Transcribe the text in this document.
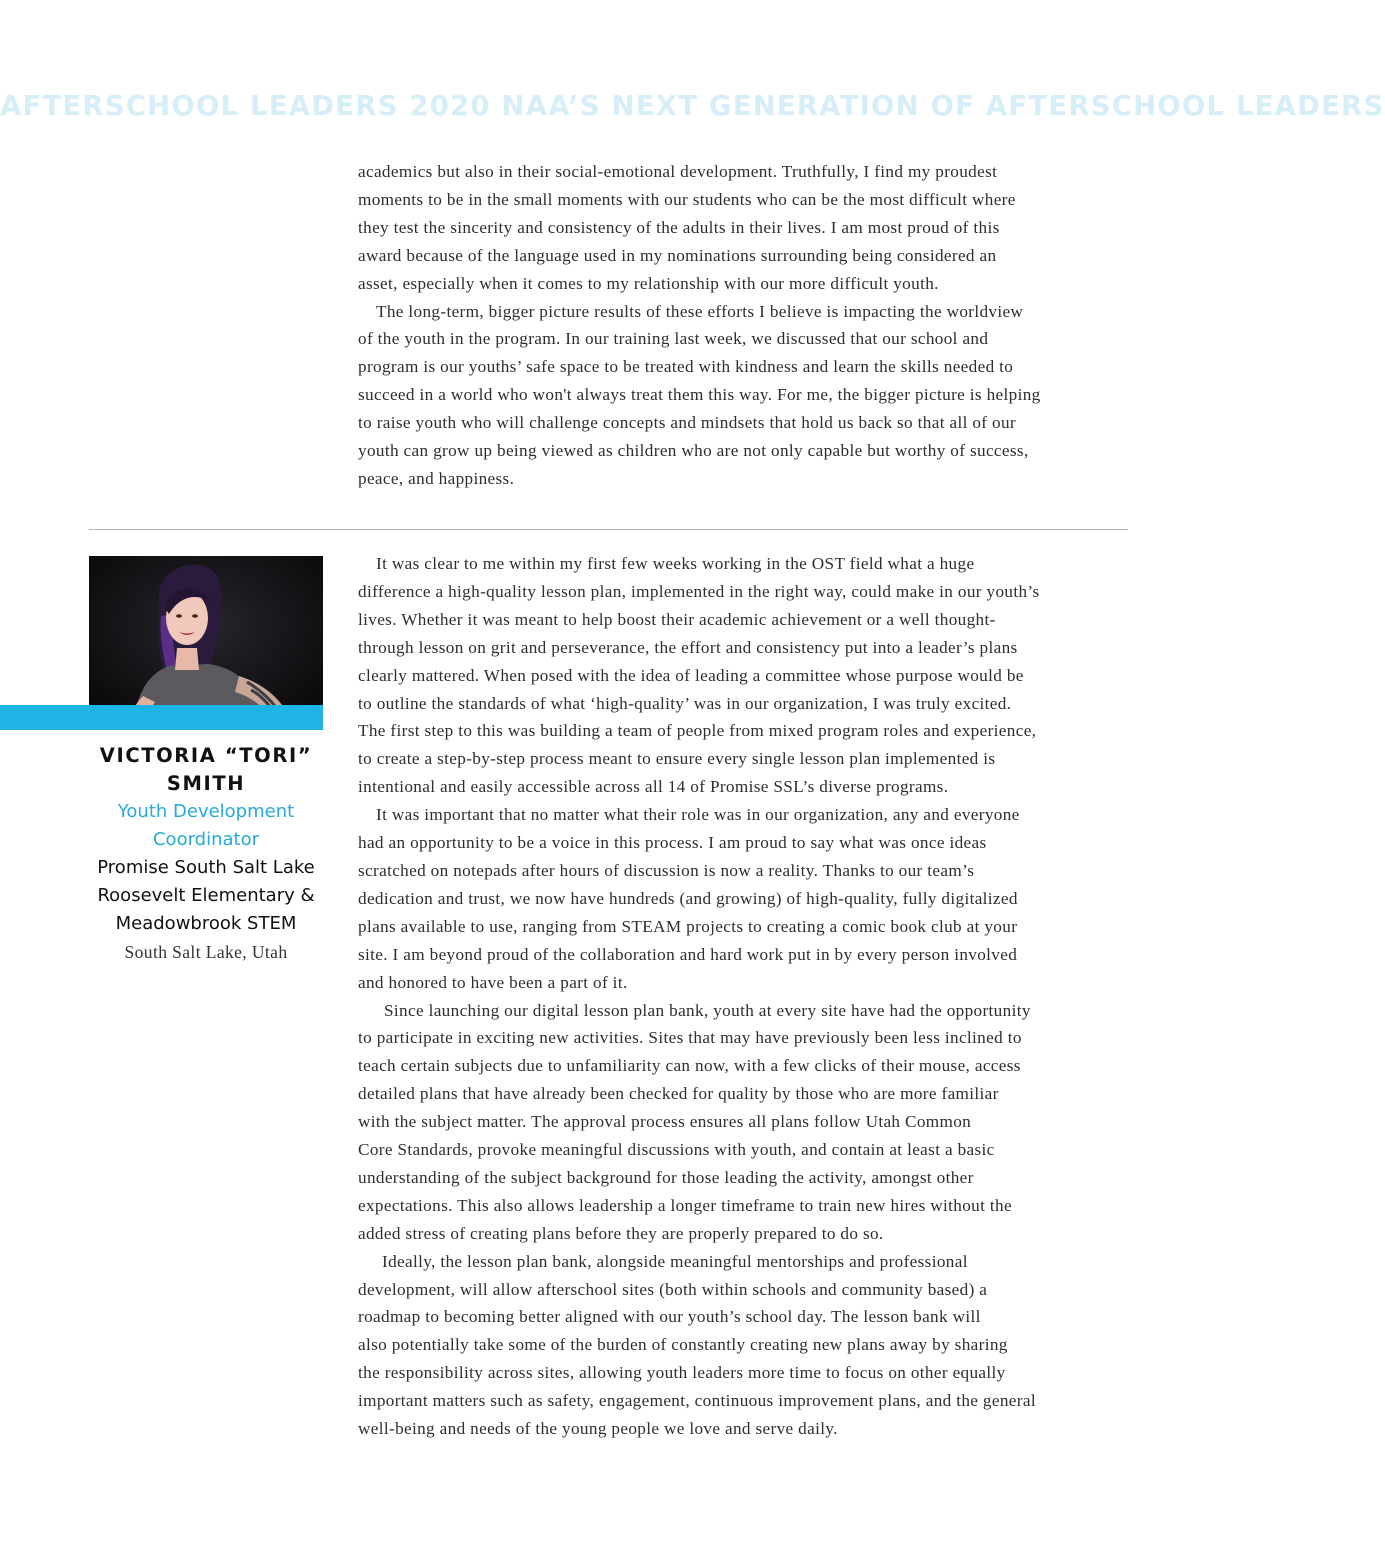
AFTERSCHOOL LEADERS 2020 NAA’S NEXT GENERATION OF AFTERSCHOOL LEADERS

academics but also in their social-emotional development. Truthfully, I find my proudest

moments to be in the small moments with our students who can be the most difficult where

they test the sincerity and consistency of the adults in their lives. I am most proud of this

award because of the language used in my nominations surrounding being considered an

asset, especially when it comes to my relationship with our more difficult youth.

The long-term, bigger picture results of these efforts I believe is impacting the worldview

of the youth in the program. In our training last week, we discussed that our school and

program is our youths’ safe space to be treated with kindness and learn the skills needed to

succeed in a world who won't always treat them this way. For me, the bigger picture is helping

to raise youth who will challenge concepts and mindsets that hold us back so that all of our

youth can grow up being viewed as children who are not only capable but worthy of success,

peace, and happiness.

VICTORIA “TORI”

SMITH

Youth Development

Coordinator

Promise South Salt Lake

Roosevelt Elementary &

Meadowbrook STEM

South Salt Lake, Utah

It was clear to me within my first few weeks working in the OST field what a huge

difference a high-quality lesson plan, implemented in the right way, could make in our youth’s

lives. Whether it was meant to help boost their academic achievement or a well thought-

through lesson on grit and perseverance, the effort and consistency put into a leader’s plans

clearly mattered. When posed with the idea of leading a committee whose purpose would be

to outline the standards of what ‘high-quality’ was in our organization, I was truly excited.

The first step to this was building a team of people from mixed program roles and experience,

to create a step-by-step process meant to ensure every single lesson plan implemented is

intentional and easily accessible across all 14 of Promise SSL’s diverse programs.

It was important that no matter what their role was in our organization, any and everyone

had an opportunity to be a voice in this process. I am proud to say what was once ideas

scratched on notepads after hours of discussion is now a reality. Thanks to our team’s

dedication and trust, we now have hundreds (and growing) of high-quality, fully digitalized

plans available to use, ranging from STEAM projects to creating a comic book club at your

site. I am beyond proud of the collaboration and hard work put in by every person involved

and honored to have been a part of it.

Since launching our digital lesson plan bank, youth at every site have had the opportunity

to participate in exciting new activities. Sites that may have previously been less inclined to

teach certain subjects due to unfamiliarity can now, with a few clicks of their mouse, access

detailed plans that have already been checked for quality by those who are more familiar

with the subject matter. The approval process ensures all plans follow Utah Common

Core Standards, provoke meaningful discussions with youth, and contain at least a basic

understanding of the subject background for those leading the activity, amongst other

expectations. This also allows leadership a longer timeframe to train new hires without the

added stress of creating plans before they are properly prepared to do so.

Ideally, the lesson plan bank, alongside meaningful mentorships and professional

development, will allow afterschool sites (both within schools and community based) a

roadmap to becoming better aligned with our youth’s school day. The lesson bank will

also potentially take some of the burden of constantly creating new plans away by sharing

the responsibility across sites, allowing youth leaders more time to focus on other equally

important matters such as safety, engagement, continuous improvement plans, and the general

well-being and needs of the young people we love and serve daily.
